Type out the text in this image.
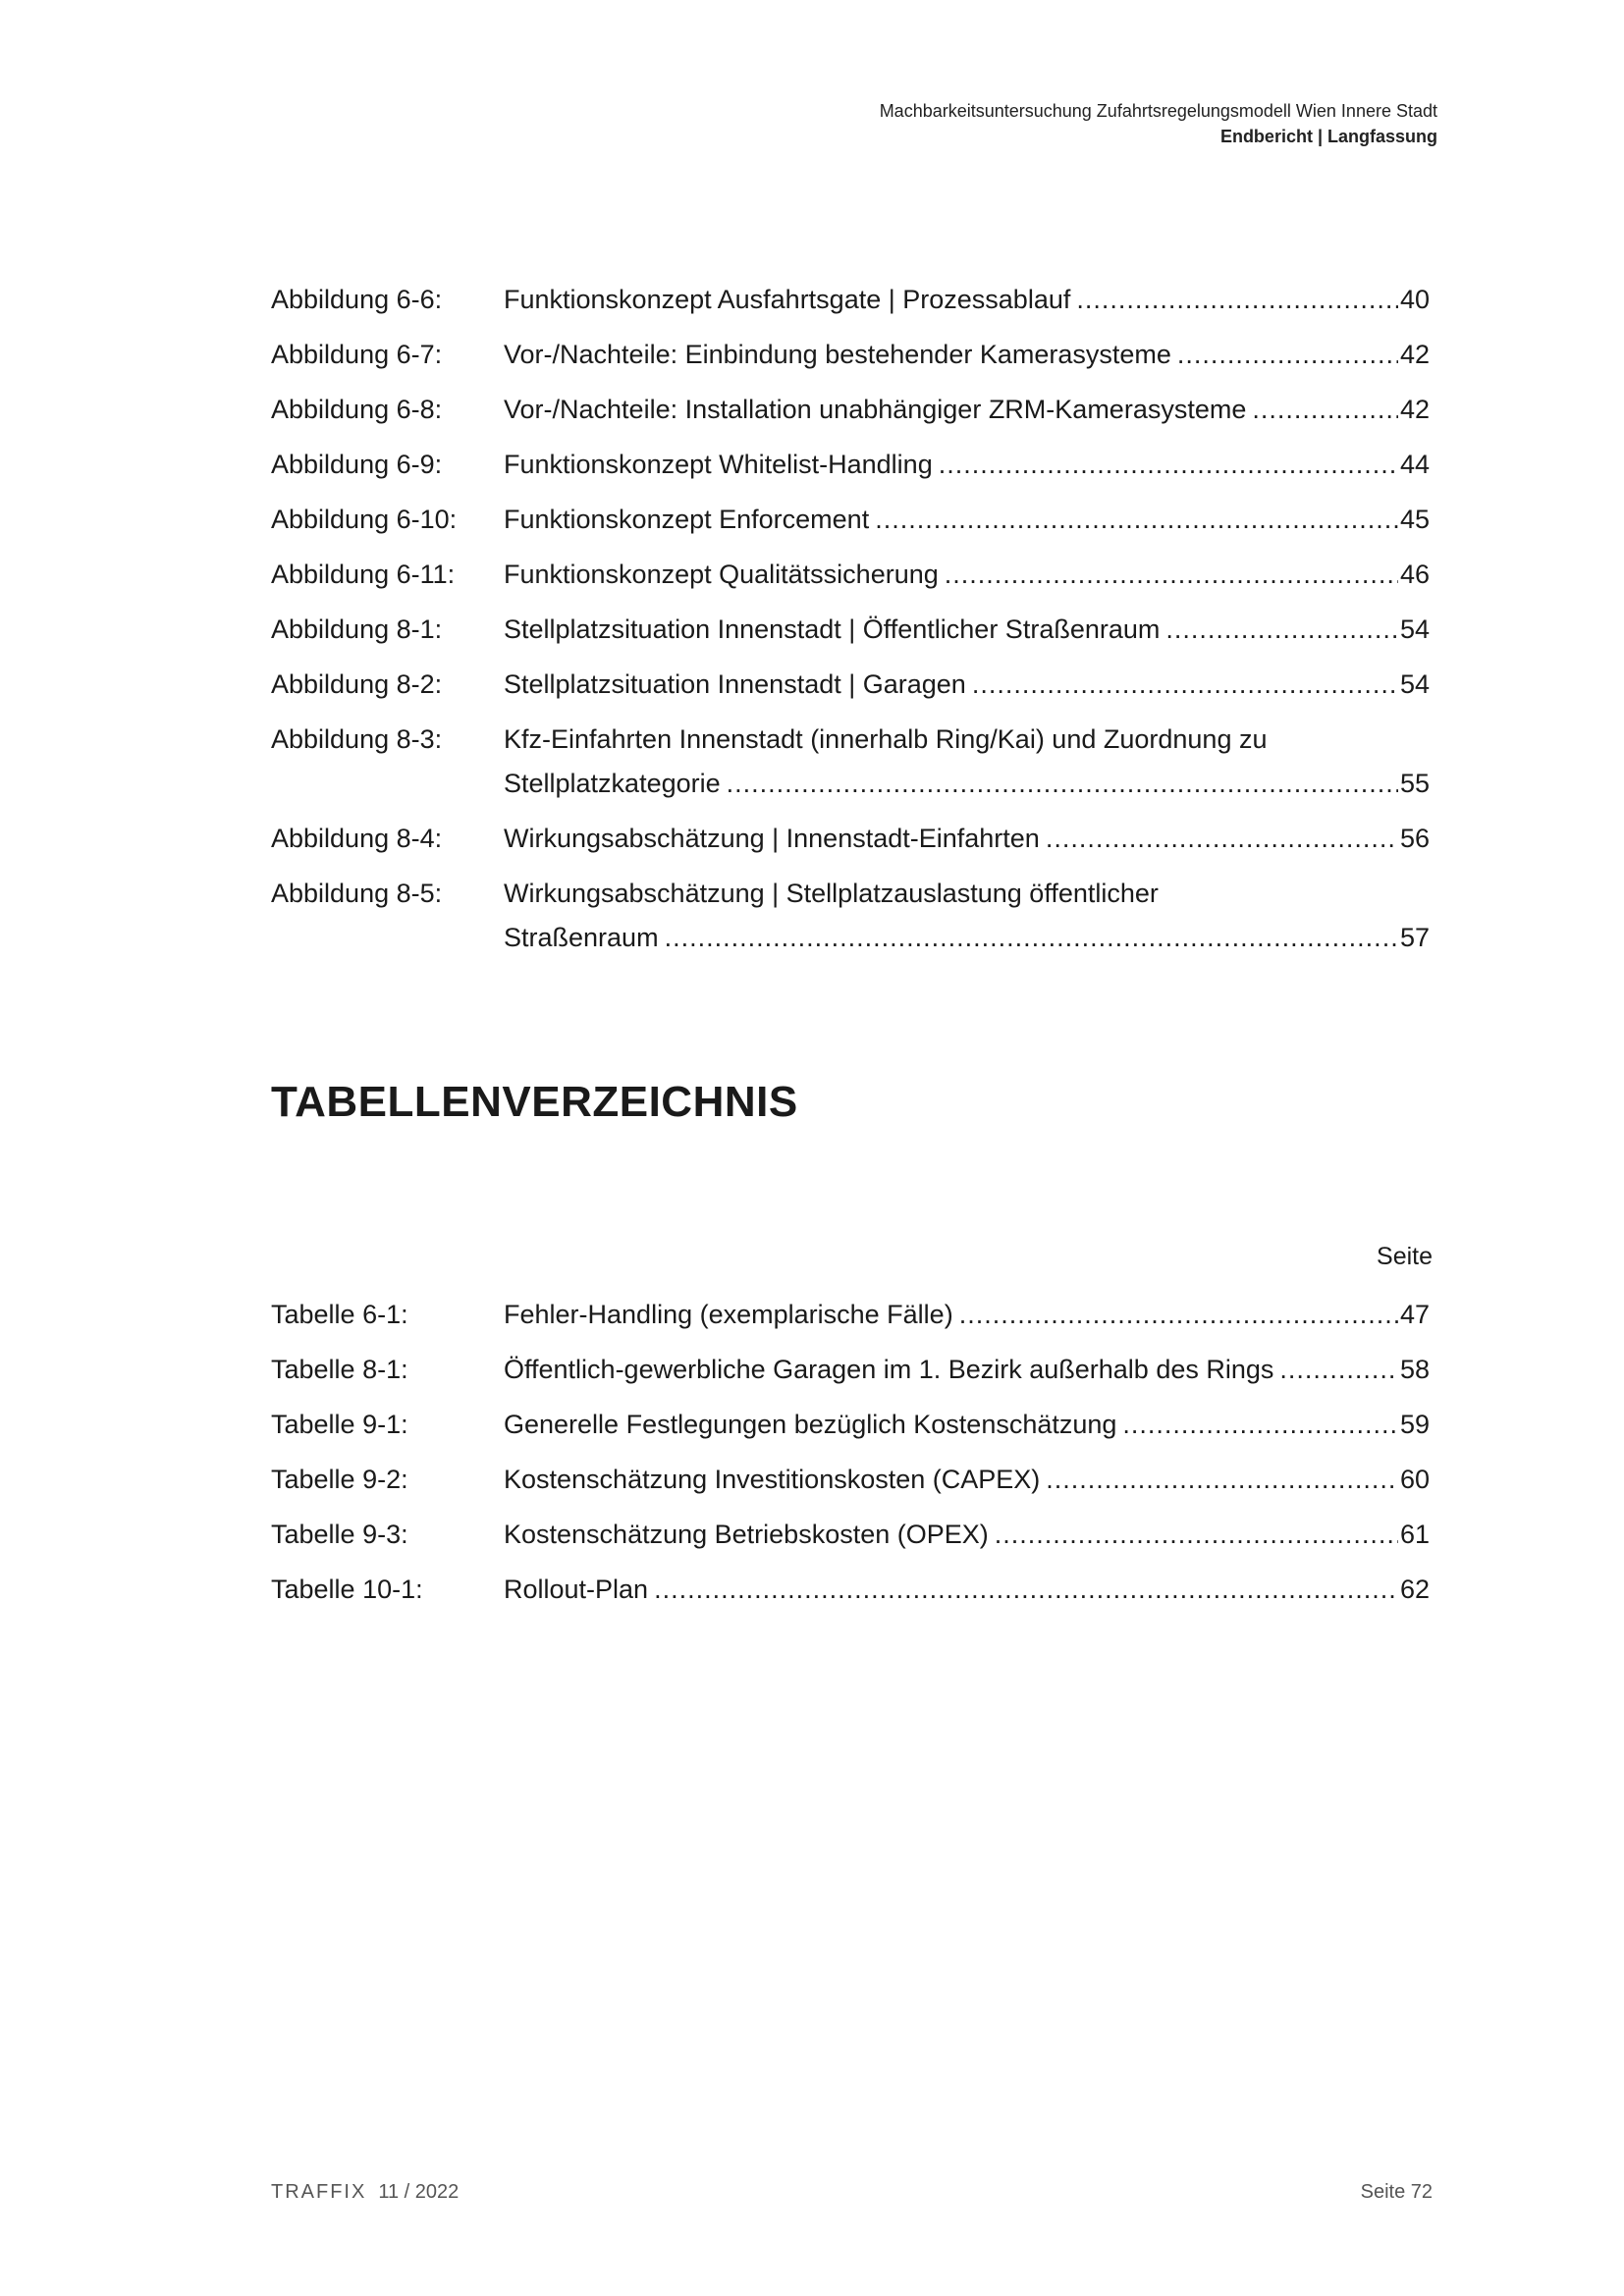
Machbarkeitsuntersuchung Zufahrtsregelungsmodell Wien Innere Stadt
Endbericht | Langfassung
Abbildung 6-6: Funktionskonzept Ausfahrtsgate | Prozessablauf .....	40
Abbildung 6-7: Vor-/Nachteile: Einbindung bestehender Kamerasysteme .....	42
Abbildung 6-8: Vor-/Nachteile: Installation unabhängiger ZRM-Kamerasysteme .....	42
Abbildung 6-9: Funktionskonzept Whitelist-Handling .....	44
Abbildung 6-10: Funktionskonzept Enforcement .....	45
Abbildung 6-11: Funktionskonzept Qualitätssicherung .....	46
Abbildung 8-1: Stellplatzsituation Innenstadt | Öffentlicher Straßenraum .....	54
Abbildung 8-2: Stellplatzsituation Innenstadt | Garagen .....	54
Abbildung 8-3: Kfz-Einfahrten Innenstadt (innerhalb Ring/Kai) und Zuordnung zu
Stellplatzkategorie .....	55
Abbildung 8-4: Wirkungsabschätzung | Innenstadt-Einfahrten .....	56
Abbildung 8-5: Wirkungsabschätzung | Stellplatzauslastung öffentlicher
Straßenraum .....	57
TABELLENVERZEICHNIS
Seite
Tabelle 6-1:	Fehler-Handling (exemplarische Fälle) .....	47
Tabelle 8-1:	Öffentlich-gewerbliche Garagen im 1. Bezirk außerhalb des Rings .....	58
Tabelle 9-1:	Generelle Festlegungen bezüglich Kostenschätzung .....	59
Tabelle 9-2:	Kostenschätzung Investitionskosten (CAPEX) .....	60
Tabelle 9-3:	Kostenschätzung Betriebskosten (OPEX) .....	61
Tabelle 10-1:	Rollout-Plan .....	62
TRAFFIX 11 / 2022	Seite 72
